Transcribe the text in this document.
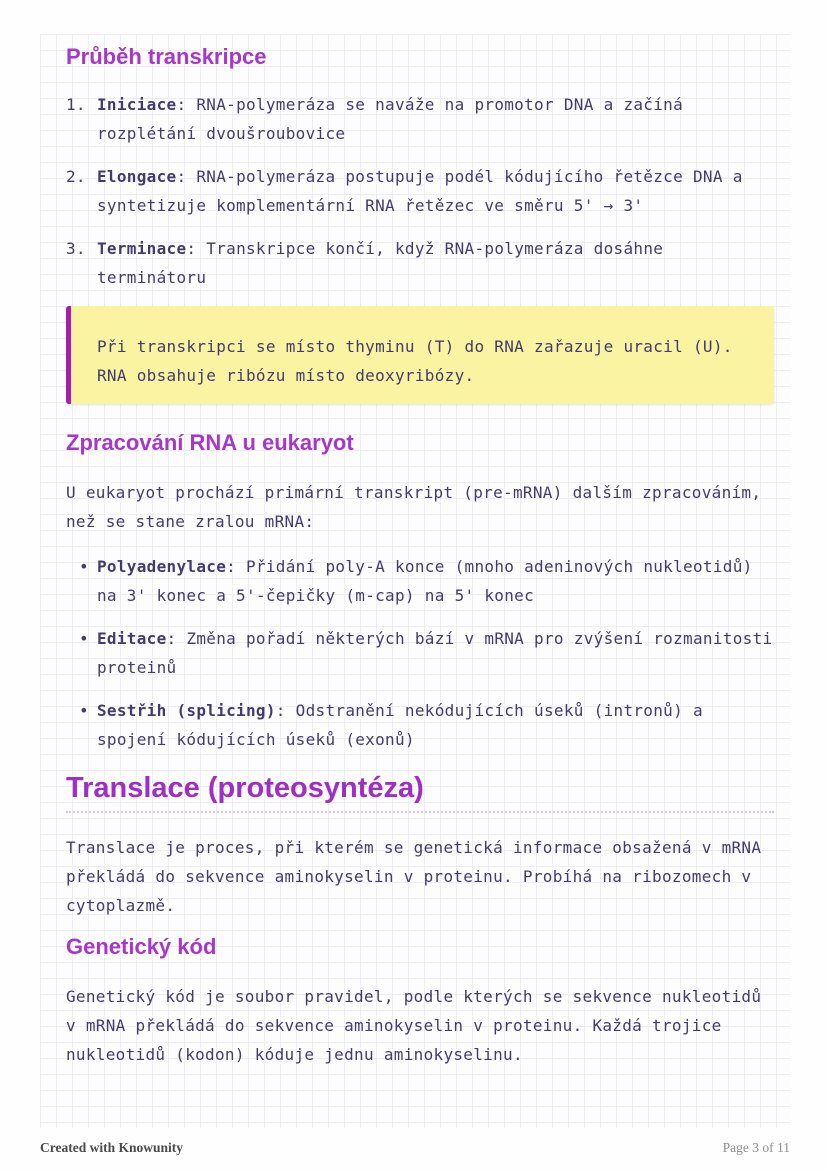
Průběh transkripce
1. Iniciace: RNA-polymeráza se naváže na promotor DNA a začíná rozplétání dvoušroubovice
2. Elongace: RNA-polymeráza postupuje podél kódujícího řetězce DNA a syntetizuje komplementární RNA řetězec ve směru 5' → 3'
3. Terminace: Transkripce končí, když RNA-polymeráza dosáhne terminátoru
Při transkripci se místo thyminu (T) do RNA zařazuje uracil (U). RNA obsahuje ribózu místo deoxyribózy.
Zpracování RNA u eukaryot

U eukaryot prochází primární transkript (pre-mRNA) dalším zpracováním, než se stane zralou mRNA:

• Polyadenylace: Přidání poly-A konce (mnoho adeninových nukleotidů) na 3' konec a 5'-čepičky (m-cap) na 5' konec
• Editace: Změna pořadí některých bází v mRNA pro zvýšení rozmanitosti proteinů
• Sestřih (splicing): Odstranění nekódujících úseků (intronů) a spojení kódujících úseků (exonů)
Translace (proteosyntéza)

Translace je proces, při kterém se genetická informace obsažená v mRNA překládá do sekvence aminokyselin v proteinu. Probíhá na ribozomech v cytoplazmě.

Genetický kód

Genetický kód je soubor pravidel, podle kterých se sekvence nukleotidů v mRNA překládá do sekvence aminokyselin v proteinu. Každá trojice nukleotidů (kodon) kóduje jednu aminokyselinu.

Created with Knowunity	Page 3 of 11
